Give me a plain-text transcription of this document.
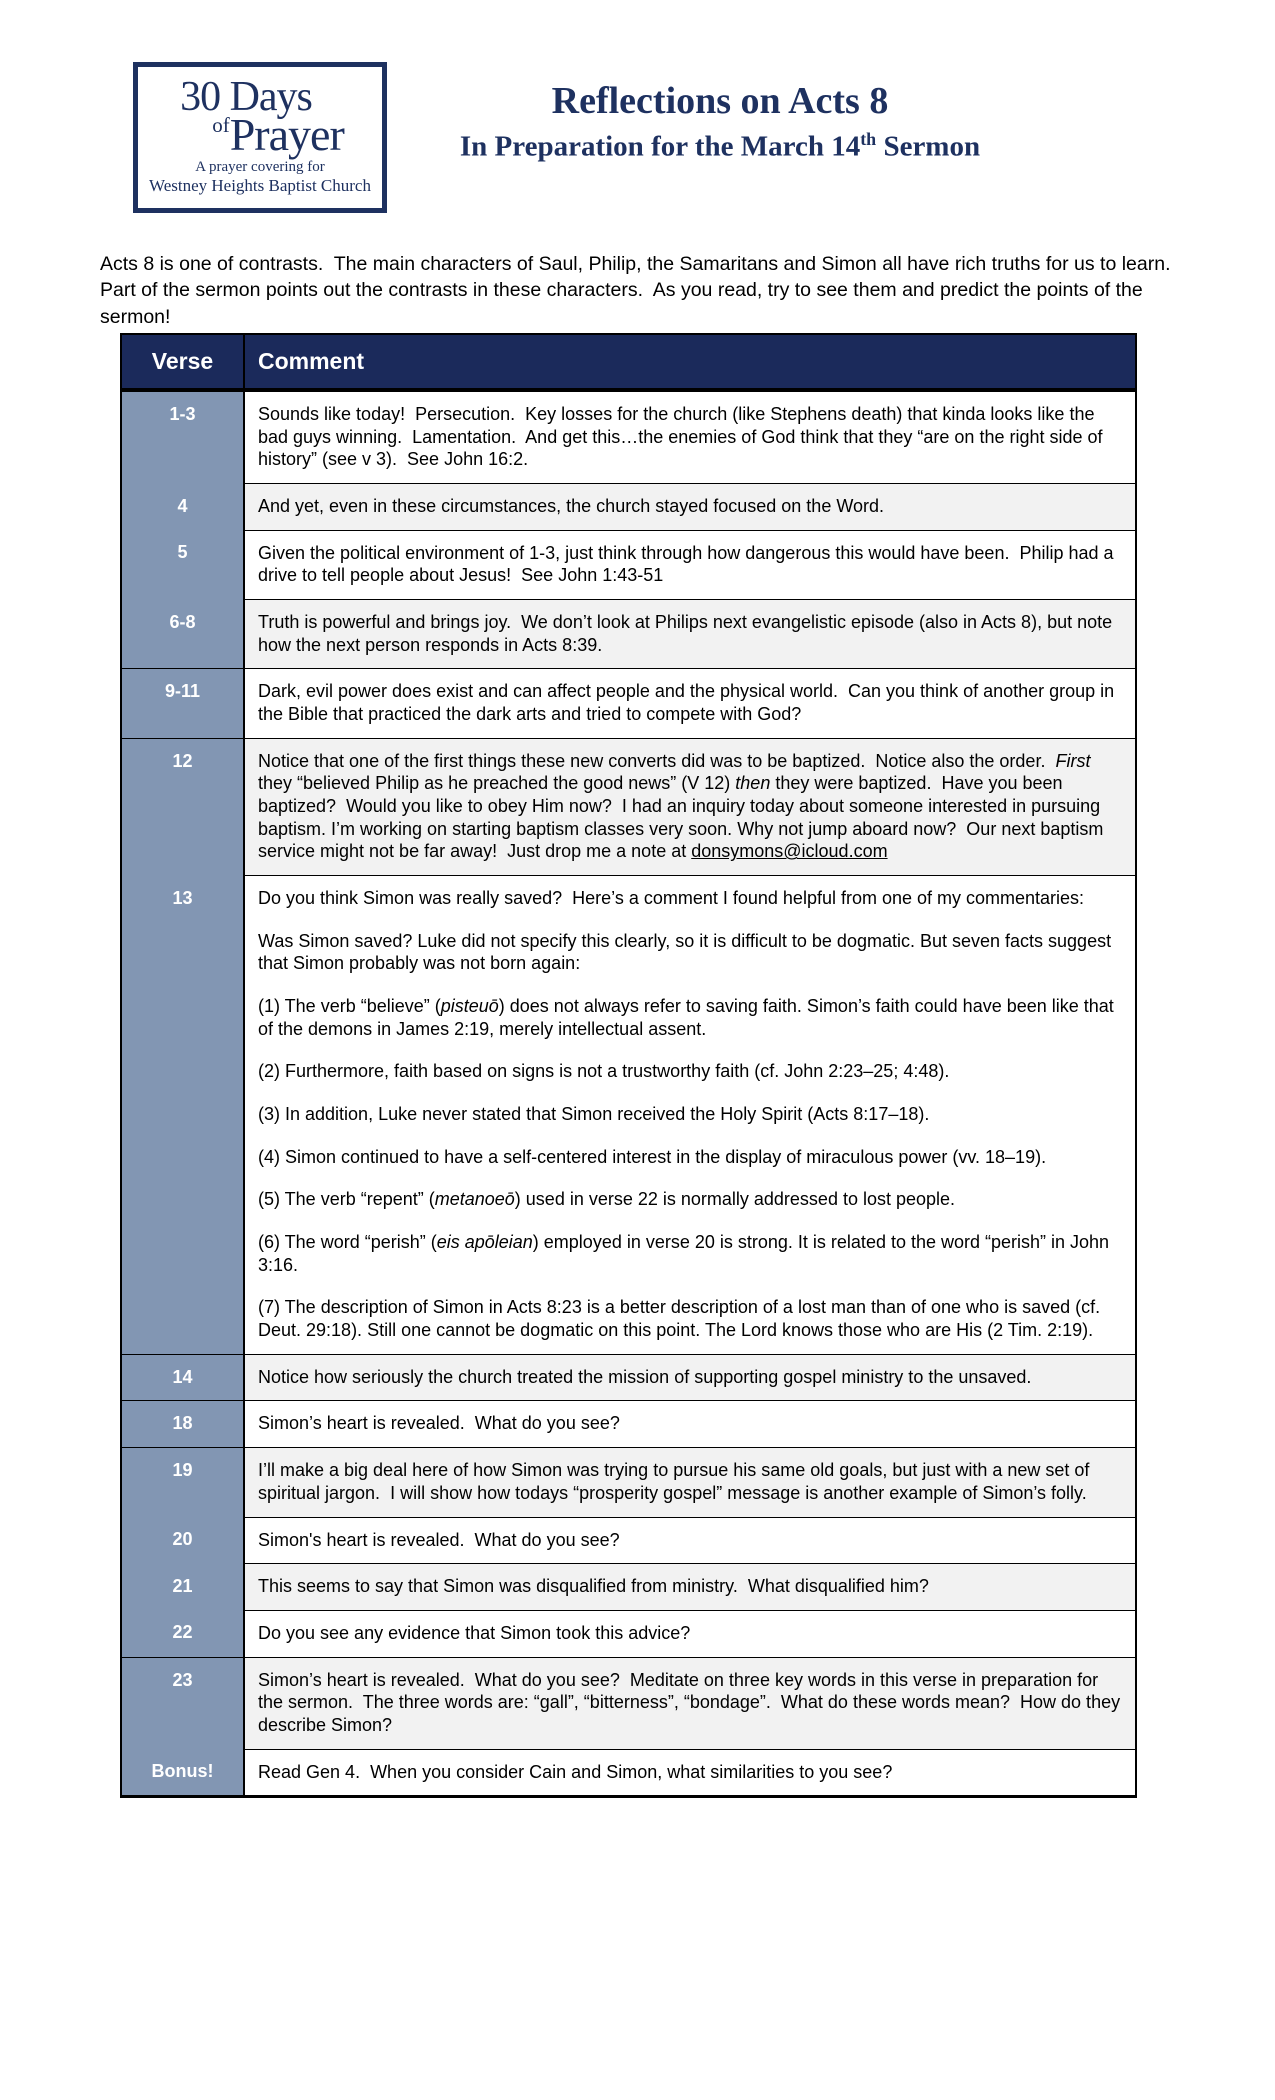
30 Days
ofPrayer
A prayer covering for
Westney Heights Baptist Church
Reflections on Acts 8
In Preparation for the March 14th Sermon

Acts 8 is one of contrasts.  The main characters of Saul, Philip, the Samaritans and Simon all have rich truths for us to learn.  Part of the sermon points out the contrasts in these characters.  As you read, try to see them and predict the points of the sermon!

Verse	Comment
1-3	Sounds like today!  Persecution.  Key losses for the church (like Stephens death) that kinda looks like the bad guys winning.  Lamentation.  And get this…the enemies of God think that they “are on the right side of history” (see v 3).  See John 16:2.

4	And yet, even in these circumstances, the church stayed focused on the Word.

5	Given the political environment of 1-3, just think through how dangerous this would have been.  Philip had a drive to tell people about Jesus!  See John 1:43-51

6-8	Truth is powerful and brings joy.  We don’t look at Philips next evangelistic episode (also in Acts 8), but note how the next person responds in Acts 8:39.

9-11	Dark, evil power does exist and can affect people and the physical world.  Can you think of another group in the Bible that practiced the dark arts and tried to compete with God?

12	Notice that one of the first things these new converts did was to be baptized.  Notice also the order.  First they “believed Philip as he preached the good news” (V 12) then they were baptized.  Have you been baptized?  Would you like to obey Him now?  I had an inquiry today about someone interested in pursuing baptism. I’m working on starting baptism classes very soon. Why not jump aboard now?  Our next baptism service might not be far away!  Just drop me a note at donsymons@icloud.com

13	Do you think Simon was really saved?  Here’s a comment I found helpful from one of my commentaries:

Was Simon saved? Luke did not specify this clearly, so it is difficult to be dogmatic. But seven facts suggest that Simon probably was not born again:

(1) The verb “believe” (pisteuō) does not always refer to saving faith. Simon’s faith could have been like that of the demons in James 2:19, merely intellectual assent.

(2) Furthermore, faith based on signs is not a trustworthy faith (cf. John 2:23–25; 4:48).

(3) In addition, Luke never stated that Simon received the Holy Spirit (Acts 8:17–18).

(4) Simon continued to have a self-centered interest in the display of miraculous power (vv. 18–19).

(5) The verb “repent” (metanoeō) used in verse 22 is normally addressed to lost people.

(6) The word “perish” (eis apōleian) employed in verse 20 is strong. It is related to the word “perish” in John 3:16.

(7) The description of Simon in Acts 8:23 is a better description of a lost man than of one who is saved (cf. Deut. 29:18). Still one cannot be dogmatic on this point. The Lord knows those who are His (2 Tim. 2:19).

14	Notice how seriously the church treated the mission of supporting gospel ministry to the unsaved.

18	Simon’s heart is revealed.  What do you see?

19	I’ll make a big deal here of how Simon was trying to pursue his same old goals, but just with a new set of spiritual jargon.  I will show how todays “prosperity gospel” message is another example of Simon’s folly.

20	Simon's heart is revealed.  What do you see?

21	This seems to say that Simon was disqualified from ministry.  What disqualified him?

22	Do you see any evidence that Simon took this advice?

23	Simon’s heart is revealed.  What do you see?  Meditate on three key words in this verse in preparation for the sermon.  The three words are: “gall”, “bitterness”, “bondage”.  What do these words mean?  How do they describe Simon?

Bonus!	Read Gen 4.  When you consider Cain and Simon, what similarities to you see?
